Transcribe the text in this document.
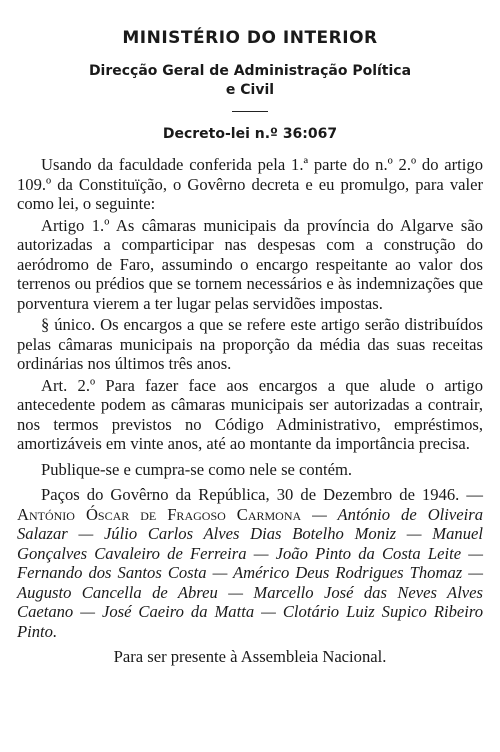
MINISTÉRIO DO INTERIOR
Direcção Geral de Administração Política
e Civil
Decreto-lei n.º 36:067

Usando da faculdade conferida pela 1.ª parte do n.º 2.º do artigo 109.º da Constituïção, o Govêrno decreta e eu promulgo, para valer como lei, o seguinte:

Artigo 1.º As câmaras municipais da província do Algarve são autorizadas a comparticipar nas despesas com a construção do aeródromo de Faro, assumindo o encargo respeitante ao valor dos terrenos ou prédios que se tornem necessários e às indemnizações que porventura vierem a ter lugar pelas servidões impostas.

§ único. Os encargos a que se refere este artigo serão distribuídos pelas câmaras municipais na proporção da média das suas receitas ordinárias nos últimos três anos.

Art. 2.º Para fazer face aos encargos a que alude o artigo antecedente podem as câmaras municipais ser autorizadas a contrair, nos termos previstos no Código Administrativo, empréstimos, amortizáveis em vinte anos, até ao montante da importância precisa.

Publique-se e cumpra-se como nele se contém.

Paços do Govêrno da República, 30 de Dezembro de 1946. — António Óscar de Fragoso Carmona — António de Oliveira Salazar — Júlio Carlos Alves Dias Botelho Moniz — Manuel Gonçalves Cavaleiro de Ferreira — João Pinto da Costa Leite — Fernando dos Santos Costa — Américo Deus Rodrigues Thomaz — Augusto Cancella de Abreu — Marcello José das Neves Alves Caetano — José Caeiro da Matta — Clotário Luiz Supico Ribeiro Pinto.

Para ser presente à Assembleia Nacional.
